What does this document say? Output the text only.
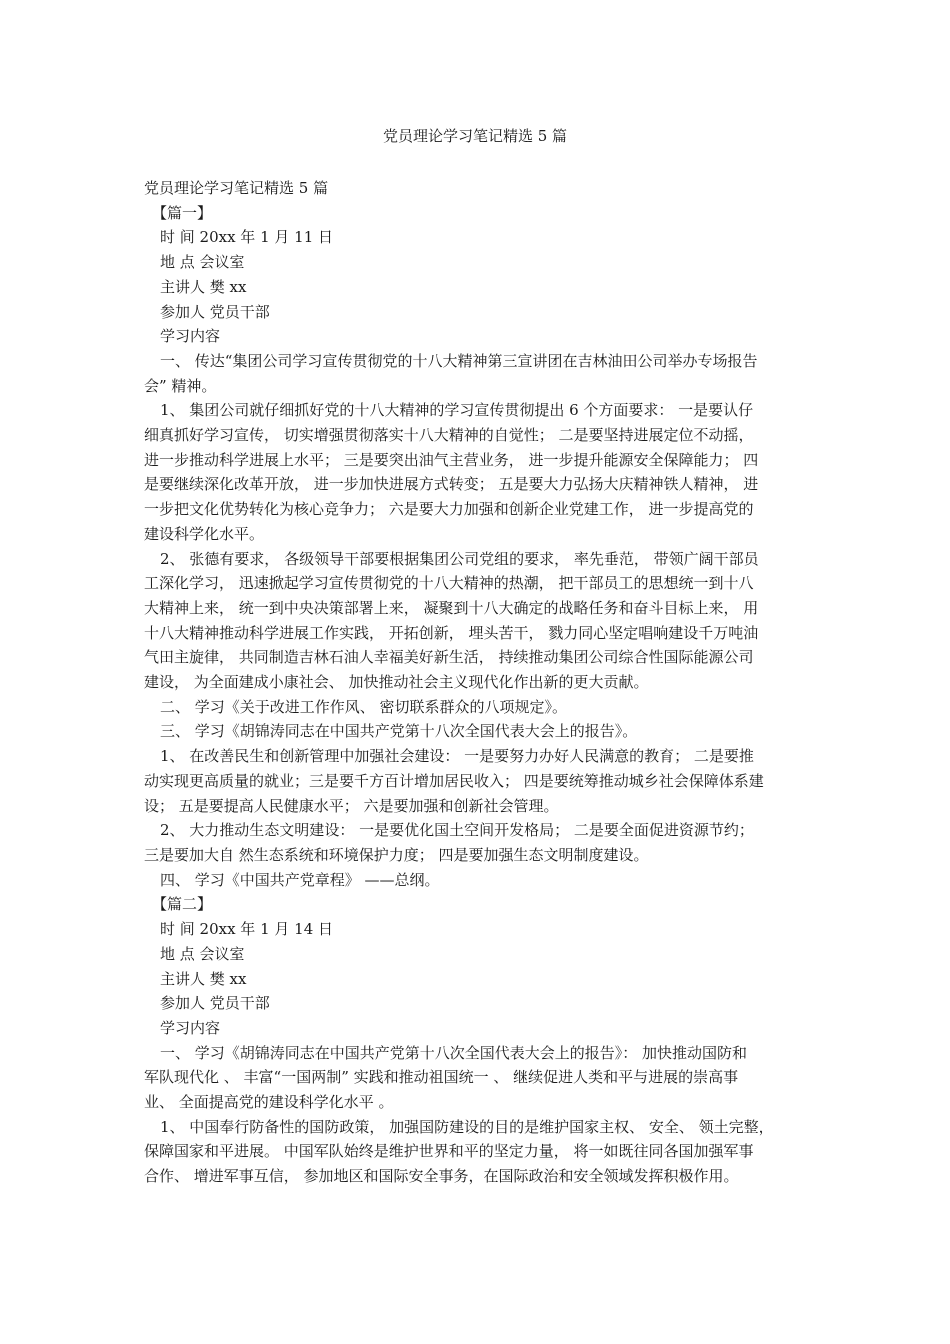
党员理论学习笔记精选 5 篇

党员理论学习笔记精选 5 篇

【篇一】

时 间 20xx 年 1 月 11 日

地 点 会议室

主讲人 樊 xx

参加人 党员干部

学习内容

一、 传达“集团公司学习宣传贯彻党的十八大精神第三宣讲团在吉林油田公司举办专场报告

会” 精神。

1、 集团公司就仔细抓好党的十八大精神的学习宣传贯彻提出 6 个方面要求： 一是要认仔

细真抓好学习宣传， 切实增强贯彻落实十八大精神的自觉性； 二是要坚持进展定位不动摇，

进一步推动科学进展上水平； 三是要突出油气主营业务， 进一步提升能源安全保障能力； 四

是要继续深化改革开放， 进一步加快进展方式转变； 五是要大力弘扬大庆精神铁人精神， 进

一步把文化优势转化为核心竞争力； 六是要大力加强和创新企业党建工作， 进一步提高党的

建设科学化水平。

2、 张德有要求， 各级领导干部要根据集团公司党组的要求， 率先垂范， 带领广阔干部员

工深化学习， 迅速掀起学习宣传贯彻党的十八大精神的热潮， 把干部员工的思想统一到十八

大精神上来， 统一到中央决策部署上来， 凝聚到十八大确定的战略任务和奋斗目标上来， 用

十八大精神推动科学进展工作实践， 开拓创新， 埋头苦干， 戮力同心坚定唱响建设千万吨油

气田主旋律， 共同制造吉林石油人幸福美好新生活， 持续推动集团公司综合性国际能源公司

建设， 为全面建成小康社会、 加快推动社会主义现代化作出新的更大贡献。

二、 学习《关于改进工作作风、 密切联系群众的八项规定》。

三、 学习《胡锦涛同志在中国共产党第十八次全国代表大会上的报告》。

1、 在改善民生和创新管理中加强社会建设： 一是要努力办好人民满意的教育； 二是要推

动实现更高质量的就业；三是要千方百计增加居民收入； 四是要统筹推动城乡社会保障体系建

设； 五是要提高人民健康水平； 六是要加强和创新社会管理。

2、 大力推动生态文明建设： 一是要优化国土空间开发格局； 二是要全面促进资源节约；

三是要加大自 然生态系统和环境保护力度； 四是要加强生态文明制度建设。

四、 学习《中国共产党章程》 ——总纲。

【篇二】

时 间 20xx 年 1 月 14 日

地 点 会议室

主讲人 樊 xx

参加人 党员干部

学习内容

一、 学习《胡锦涛同志在中国共产党第十八次全国代表大会上的报告》： 加快推动国防和

军队现代化 、 丰富“一国两制” 实践和推动祖国统一 、 继续促进人类和平与进展的崇高事

业、 全面提高党的建设科学化水平 。

1、 中国奉行防备性的国防政策， 加强国防建设的目的是维护国家主权、 安全、 领土完整，

保障国家和平进展。 中国军队始终是维护世界和平的坚定力量， 将一如既往同各国加强军事

合作、 增进军事互信， 参加地区和国际安全事务，在国际政治和安全领域发挥积极作用。
